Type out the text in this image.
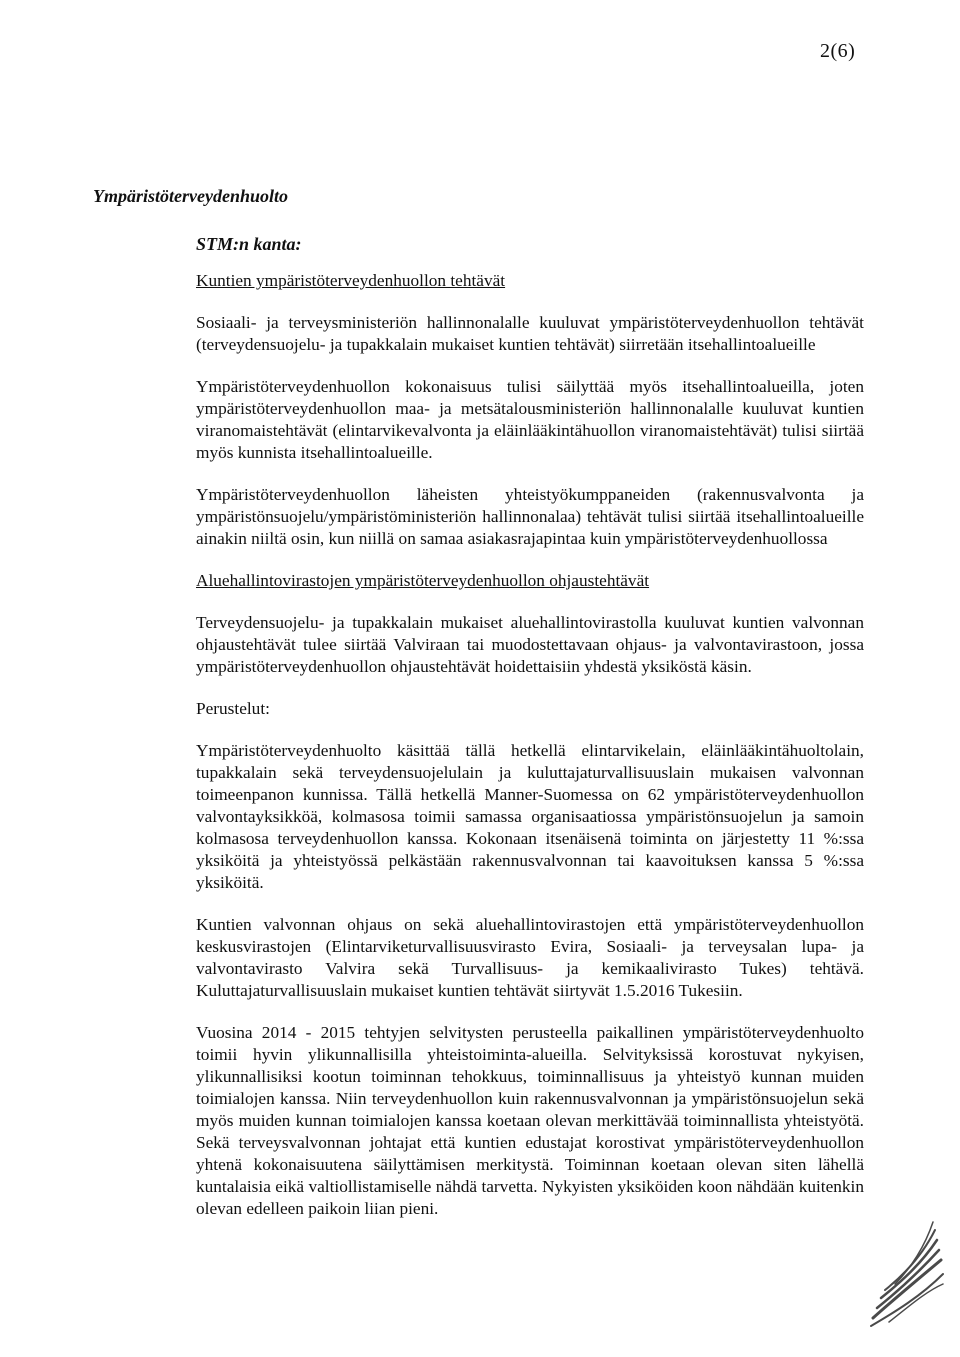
2(6)
Ympäristöterveydenhuolto
STM:n kanta:
Kuntien ympäristöterveydenhuollon tehtävät
Sosiaali- ja terveysministeriön hallinnonalalle kuuluvat ympäristöterveydenhuollon tehtävät (terveydensuojelu- ja tupakkalain mukaiset kuntien tehtävät) siirretään itsehallintoalueille
Ympäristöterveydenhuollon kokonaisuus tulisi säilyttää myös itsehallintoalueilla, joten ympäristöterveydenhuollon maa- ja metsätalousministeriön hallinnonalalle kuuluvat kuntien viranomaistehtävät (elintarvikevalvonta ja eläinlääkintähuollon viranomaistehtävät) tulisi siirtää myös kunnista itsehallintoalueille.
Ympäristöterveydenhuollon läheisten yhteistyökumppaneiden (rakennusvalvonta ja ympäristönsuojelu/ympäristöministeriön hallinnonalaa) tehtävät tulisi siirtää itsehallintoalueille ainakin niiltä osin, kun niillä on samaa asiakasrajapintaa kuin ympäristöterveydenhuollossa
Aluehallintovirastojen ympäristöterveydenhuollon ohjaustehtävät
Terveydensuojelu- ja tupakkalain mukaiset aluehallintovirastolla kuuluvat kuntien valvonnan ohjaustehtävät tulee siirtää Valviraan tai muodostettavaan ohjaus- ja valvontavirastoon, jossa ympäristöterveydenhuollon ohjaustehtävät hoidettaisiin yhdestä yksiköstä käsin.
Perustelut:
Ympäristöterveydenhuolto käsittää tällä hetkellä elintarvikelain, eläinlääkintähuoltolain, tupakkalain sekä terveydensuojelulain ja kuluttajaturvallisuuslain mukaisen valvonnan toimeenpanon kunnissa. Tällä hetkellä Manner-Suomessa on 62 ympäristöterveydenhuollon valvontayksikköä, kolmasosa toimii samassa organisaatiossa ympäristönsuojelun ja samoin kolmasosa terveydenhuollon kanssa. Kokonaan itsenäisenä toiminta on järjestetty 11 %:ssa yksiköitä ja yhteistyössä pelkästään rakennusvalvonnan tai kaavoituksen kanssa 5 %:ssa yksiköitä.
Kuntien valvonnan ohjaus on sekä aluehallintovirastojen että ympäristöterveydenhuollon keskusvirastojen (Elintarviketurvallisuusvirasto Evira, Sosiaali- ja terveysalan lupa- ja valvontavirasto Valvira sekä Turvallisuus- ja kemikaalivirasto Tukes) tehtävä. Kuluttajaturvallisuuslain mukaiset kuntien tehtävät siirtyvät 1.5.2016 Tukesiin.
Vuosina 2014 - 2015 tehtyjen selvitysten perusteella paikallinen ympäristöterveydenhuolto toimii hyvin ylikunnallisilla yhteistoiminta-alueilla. Selvityksissä korostuvat nykyisen, ylikunnallisiksi kootun toiminnan tehokkuus, toiminnallisuus ja yhteistyö kunnan muiden toimialojen kanssa. Niin terveydenhuollon kuin rakennusvalvonnan ja ympäristönsuojelun sekä myös muiden kunnan toimialojen kanssa koetaan olevan merkittävää toiminnallista yhteistyötä. Sekä terveysvalvonnan johtajat että kuntien edustajat korostivat ympäristöterveydenhuollon yhtenä kokonaisuutena säilyttämisen merkitystä. Toiminnan koetaan olevan siten lähellä kuntalaisia eikä valtiollistamiselle nähdä tarvetta. Nykyisten yksiköiden koon nähdään kuitenkin olevan edelleen paikoin liian pieni.
